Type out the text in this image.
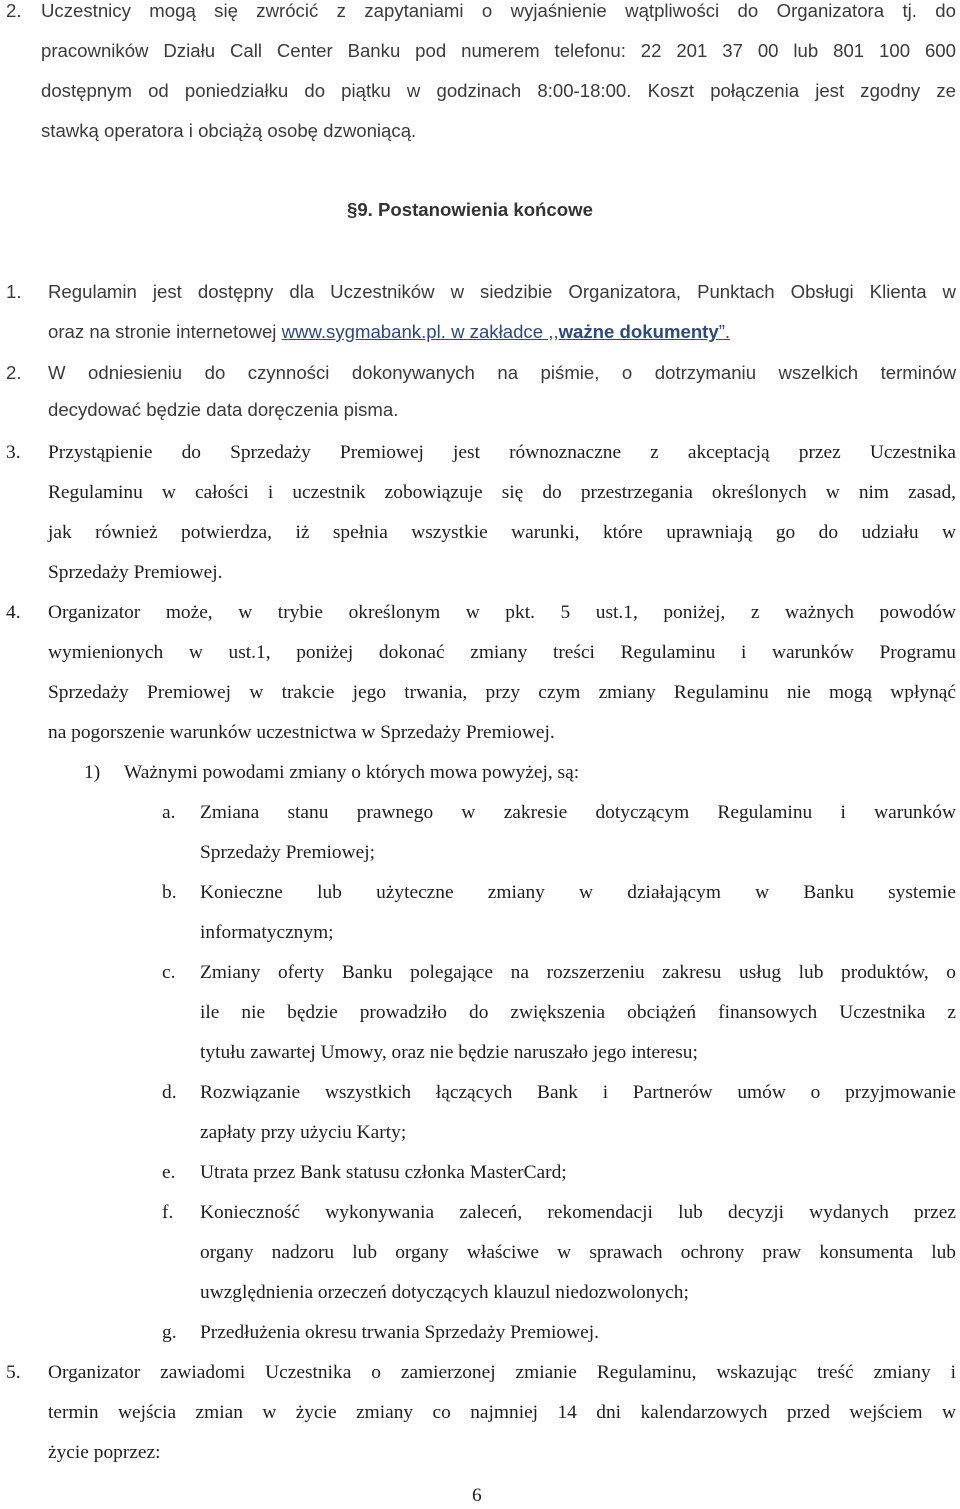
2. Uczestnicy mogą się zwrócić z zapytaniami o wyjaśnienie wątpliwości do Organizatora tj. do
pracowników Działu Call Center Banku pod numerem telefonu: 22 201 37 00 lub 801 100 600
dostępnym od poniedziałku do piątku w godzinach 8:00-18:00. Koszt połączenia jest zgodny ze
stawką operatora i obciążą osobę dzwoniącą.
§9. Postanowienia końcowe
1. Regulamin jest dostępny dla Uczestników w siedzibie Organizatora, Punktach Obsługi Klienta w
oraz na stronie internetowej www.sygmabank.pl. w zakładce ,,ważne dokumenty”.
2. W odniesieniu do czynności dokonywanych na piśmie, o dotrzymaniu wszelkich terminów
decydować będzie data doręczenia pisma.
3. Przystąpienie do Sprzedaży Premiowej jest równoznaczne z akceptacją przez Uczestnika
Regulaminu w całości i uczestnik zobowiązuje się do przestrzegania określonych w nim zasad,
jak również potwierdza, iż spełnia wszystkie warunki, które uprawniają go do udziału w
Sprzedaży Premiowej.
4. Organizator może, w trybie określonym w pkt. 5 ust.1, poniżej, z ważnych powodów
wymienionych w ust.1, poniżej dokonać zmiany treści Regulaminu i warunków Programu
Sprzedaży Premiowej w trakcie jego trwania, przy czym zmiany Regulaminu nie mogą wpłynąć
na pogorszenie warunków uczestnictwa w Sprzedaży Premiowej.
1) Ważnymi powodami zmiany o których mowa powyżej, są:
a. Zmiana stanu prawnego w zakresie dotyczącym Regulaminu i warunków
Sprzedaży Premiowej;
b. Konieczne lub użyteczne zmiany w działającym w Banku systemie
informatycznym;
c. Zmiany oferty Banku polegające na rozszerzeniu zakresu usług lub produktów, o
ile nie będzie prowadziło do zwiększenia obciążeń finansowych Uczestnika z
tytułu zawartej Umowy, oraz nie będzie naruszało jego interesu;
d. Rozwiązanie wszystkich łączących Bank i Partnerów umów o przyjmowanie
zapłaty przy użyciu Karty;
e. Utrata przez Bank statusu członka MasterCard;
f. Konieczność wykonywania zaleceń, rekomendacji lub decyzji wydanych przez
organy nadzoru lub organy właściwe w sprawach ochrony praw konsumenta lub
uwzględnienia orzeczeń dotyczących klauzul niedozwolonych;
g. Przedłużenia okresu trwania Sprzedaży Premiowej.
5. Organizator zawiadomi Uczestnika o zamierzonej zmianie Regulaminu, wskazując treść zmiany i
termin wejścia zmian w życie zmiany co najmniej 14 dni kalendarzowych przed wejściem w
życie poprzez:
6
